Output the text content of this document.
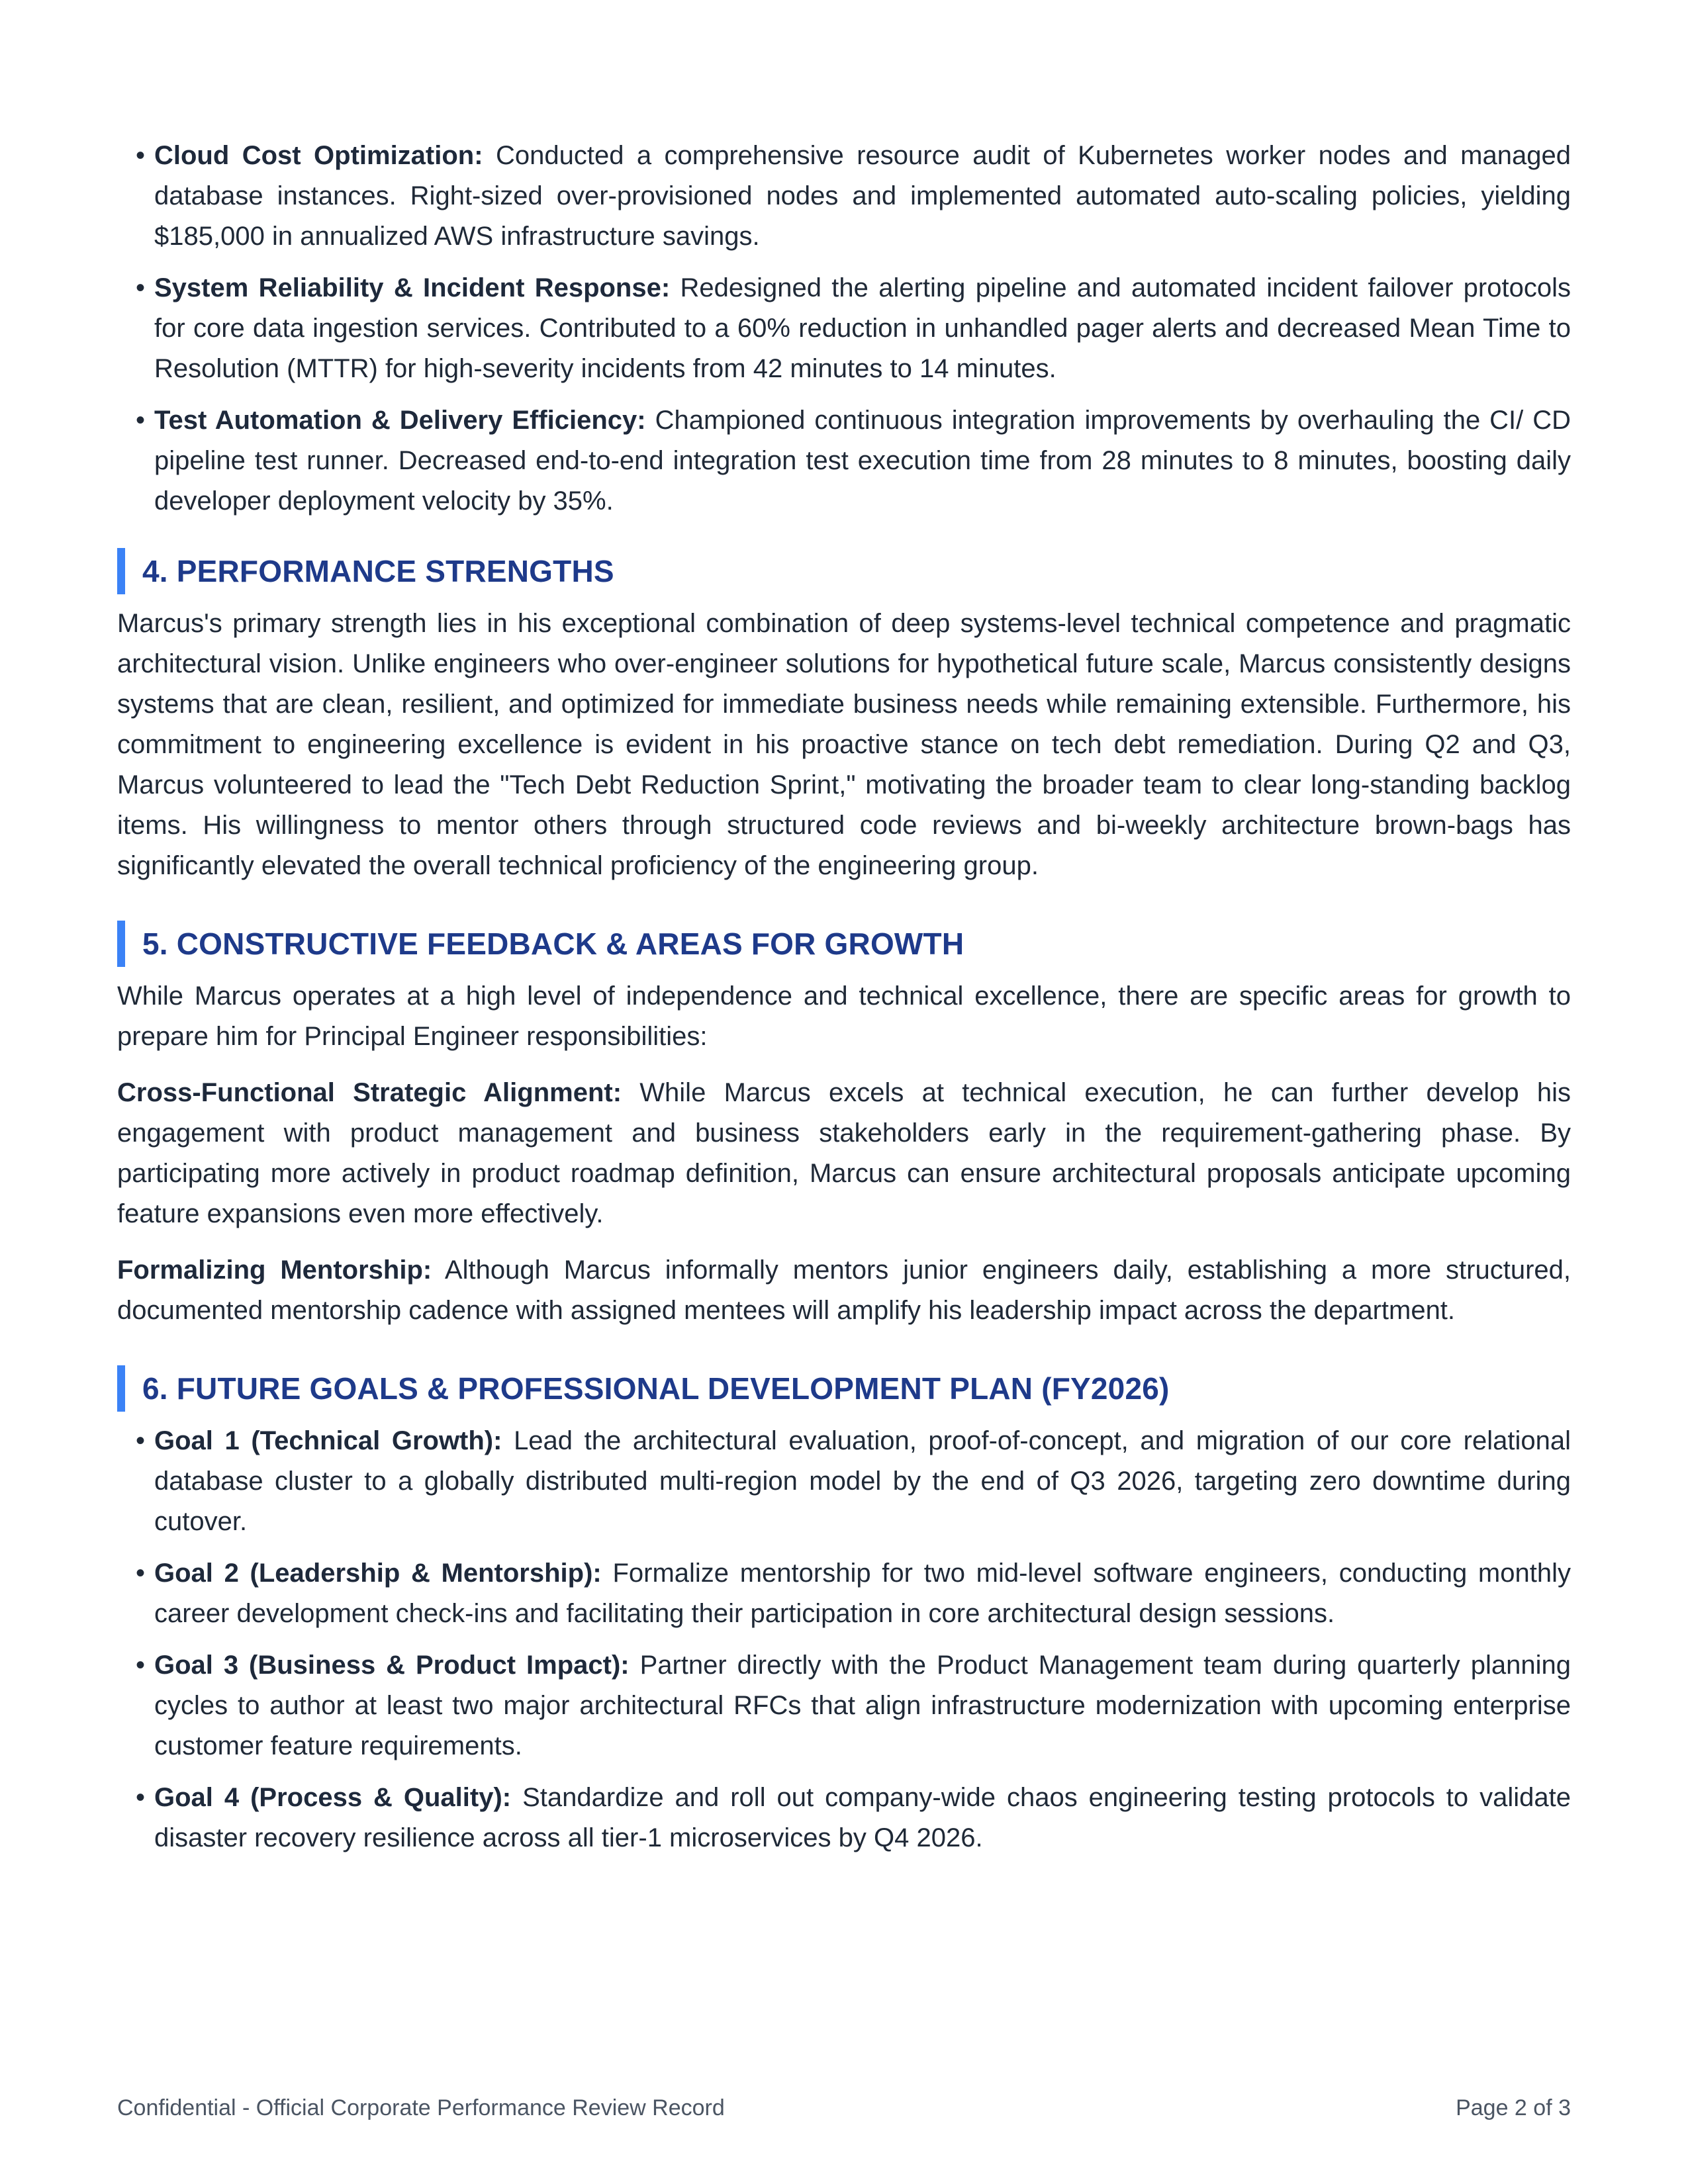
• Cloud Cost Optimization: Conducted a comprehensive resource audit of Kubernetes worker nodes and managed database instances. Right-sized over-provisioned nodes and implemented automated auto-scaling policies, yielding $185,000 in annualized AWS infrastructure savings.
• System Reliability & Incident Response: Redesigned the alerting pipeline and automated incident failover protocols for core data ingestion services. Contributed to a 60% reduction in unhandled pager alerts and decreased Mean Time to Resolution (MTTR) for high-severity incidents from 42 minutes to 14 minutes.
• Test Automation & Delivery Efficiency: Championed continuous integration improvements by overhauling the CI/ CD pipeline test runner. Decreased end-to-end integration test execution time from 28 minutes to 8 minutes, boosting daily developer deployment velocity by 35%.
4. PERFORMANCE STRENGTHS

Marcus's primary strength lies in his exceptional combination of deep systems-level technical competence and pragmatic architectural vision. Unlike engineers who over-engineer solutions for hypothetical future scale, Marcus consistently designs systems that are clean, resilient, and optimized for immediate business needs while remaining extensible. Furthermore, his commitment to engineering excellence is evident in his proactive stance on tech debt remediation. During Q2 and Q3, Marcus volunteered to lead the "Tech Debt Reduction Sprint," motivating the broader team to clear long-standing backlog items. His willingness to mentor others through structured code reviews and bi-weekly architecture brown-bags has significantly elevated the overall technical proficiency of the engineering group.

5. CONSTRUCTIVE FEEDBACK & AREAS FOR GROWTH

While Marcus operates at a high level of independence and technical excellence, there are specific areas for growth to prepare him for Principal Engineer responsibilities:

Cross-Functional Strategic Alignment: While Marcus excels at technical execution, he can further develop his engagement with product management and business stakeholders early in the requirement-gathering phase. By participating more actively in product roadmap definition, Marcus can ensure architectural proposals anticipate upcoming feature expansions even more effectively.

Formalizing Mentorship: Although Marcus informally mentors junior engineers daily, establishing a more structured, documented mentorship cadence with assigned mentees will amplify his leadership impact across the department.

6. FUTURE GOALS & PROFESSIONAL DEVELOPMENT PLAN (FY2026)
• Goal 1 (Technical Growth): Lead the architectural evaluation, proof-of-concept, and migration of our core relational database cluster to a globally distributed multi-region model by the end of Q3 2026, targeting zero downtime during cutover.
• Goal 2 (Leadership & Mentorship): Formalize mentorship for two mid-level software engineers, conducting monthly career development check-ins and facilitating their participation in core architectural design sessions.
• Goal 3 (Business & Product Impact): Partner directly with the Product Management team during quarterly planning cycles to author at least two major architectural RFCs that align infrastructure modernization with upcoming enterprise customer feature requirements.
• Goal 4 (Process & Quality): Standardize and roll out company-wide chaos engineering testing protocols to validate disaster recovery resilience across all tier-1 microservices by Q4 2026.
Confidential - Official Corporate Performance Review Record	Page 2 of 3
